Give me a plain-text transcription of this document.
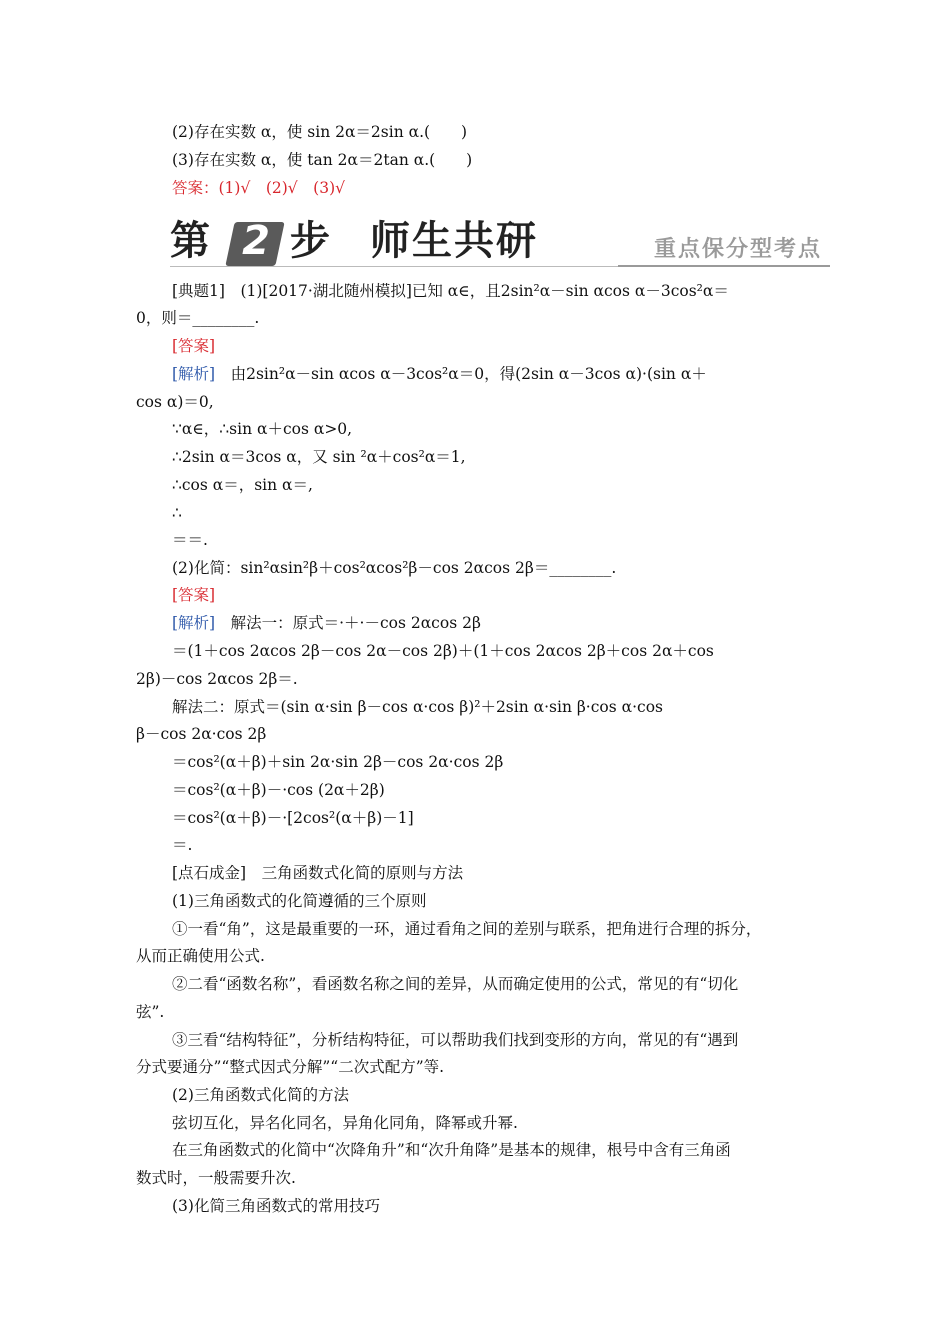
(2)存在实数 α，使 sin 2α＝2sin α.(　　)
(3)存在实数 α，使 tan 2α＝2tan α.(　　)
答案：(1)√　(2)√　(3)√
第 2 步 师生共研	重点保分型考点
[典题1]　(1)[2017·湖北随州模拟]已知 α∈，且2sin²α－sin αcos α－3cos²α＝
0，则＝________.
[答案]
[解析]　由2sin²α－sin αcos α－3cos²α＝0，得(2sin α－3cos α)·(sin α＋
cos α)＝0,
∵α∈，∴sin α＋cos α>0,
∴2sin α＝3cos α，又 sin ²α＋cos²α＝1,
∴cos α＝，sin α＝,
∴
＝＝.
(2)化简：sin²αsin²β＋cos²αcos²β－cos 2αcos 2β＝________.
[答案]
[解析]　解法一：原式＝·＋·－cos 2αcos 2β
＝(1＋cos 2αcos 2β－cos 2α－cos 2β)＋(1＋cos 2αcos 2β＋cos 2α＋cos
2β)－cos 2αcos 2β＝.
解法二：原式＝(sin α·sin β－cos α·cos β)²＋2sin α·sin β·cos α·cos
β－cos 2α·cos 2β
＝cos²(α＋β)＋sin 2α·sin 2β－cos 2α·cos 2β
＝cos²(α＋β)－·cos (2α＋2β)
＝cos²(α＋β)－·[2cos²(α＋β)－1]
＝.
[点石成金]　三角函数式化简的原则与方法
(1)三角函数式的化简遵循的三个原则
①一看“角”，这是最重要的一环，通过看角之间的差别与联系，把角进行合理的拆分，
从而正确使用公式.
②二看“函数名称”，看函数名称之间的差异，从而确定使用的公式，常见的有“切化
弦”.
③三看“结构特征”，分析结构特征，可以帮助我们找到变形的方向，常见的有“遇到
分式要通分”“整式因式分解”“二次式配方”等.
(2)三角函数式化简的方法
弦切互化，异名化同名，异角化同角，降幂或升幂.
在三角函数式的化简中“次降角升”和“次升角降”是基本的规律，根号中含有三角函
数式时，一般需要升次.
(3)化简三角函数式的常用技巧
